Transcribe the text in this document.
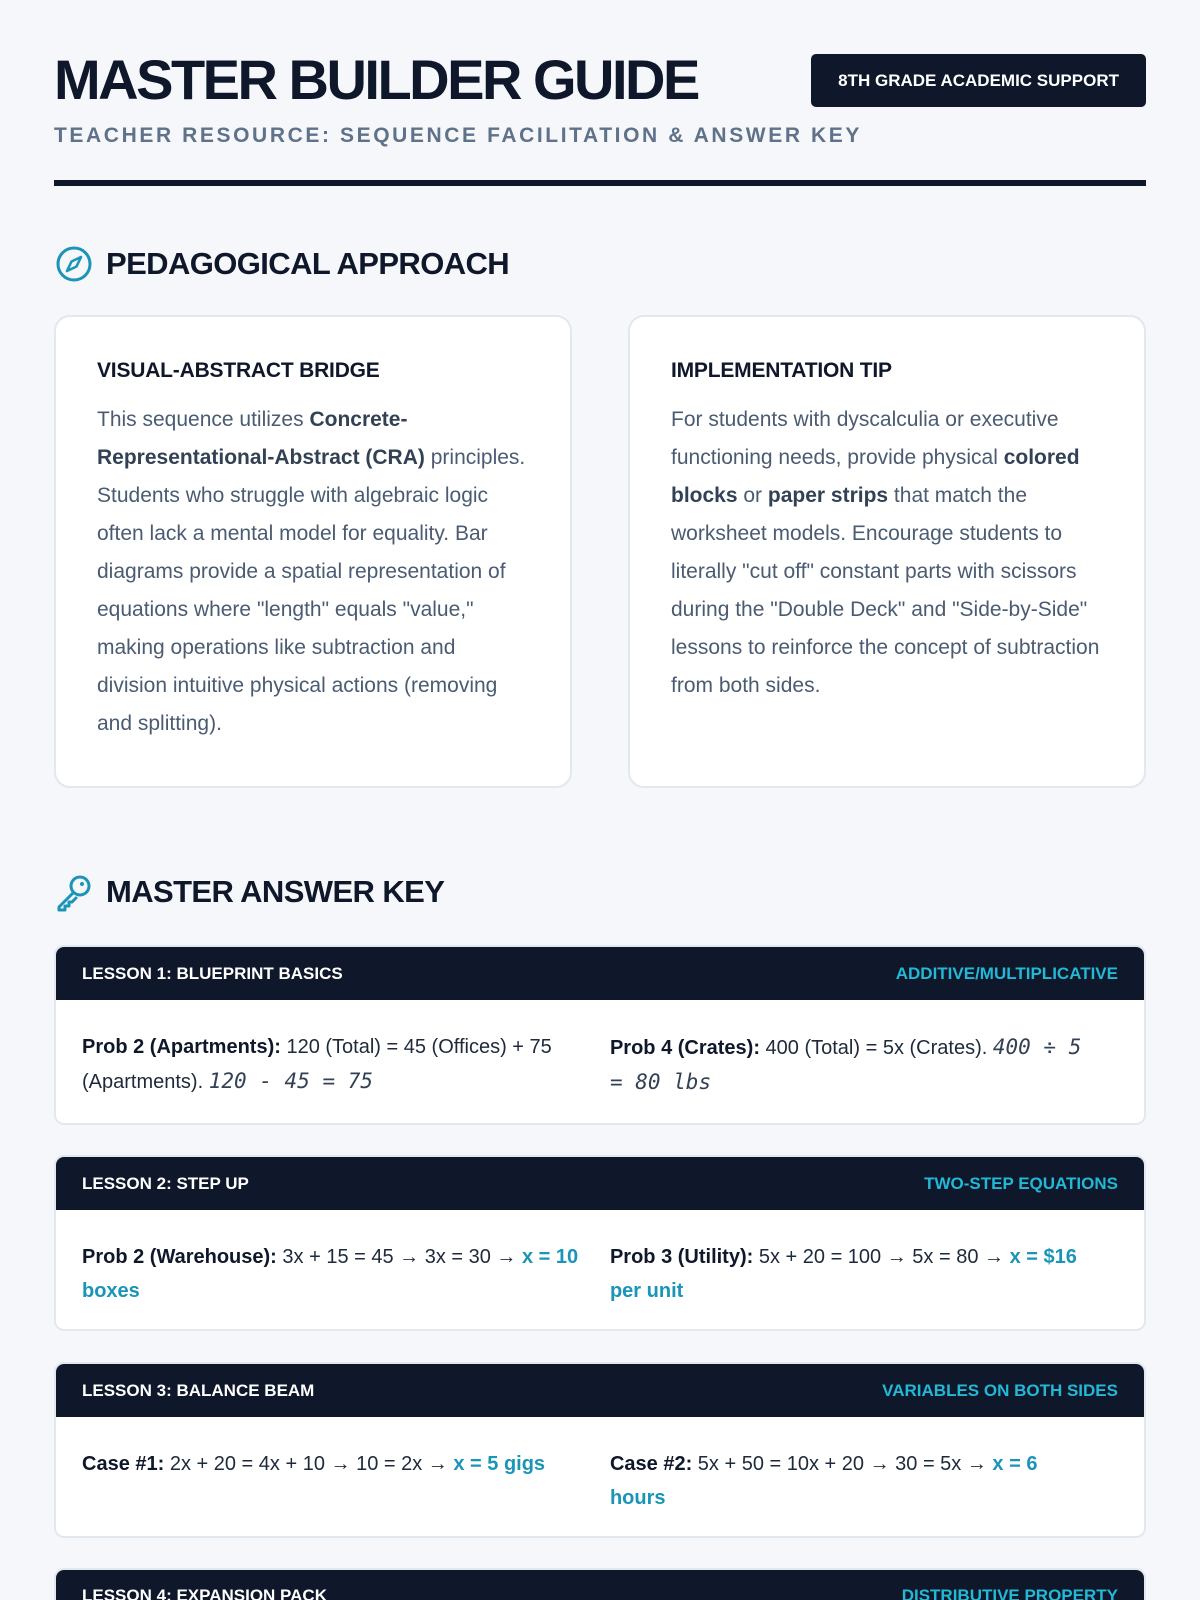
MASTER BUILDER GUIDE
TEACHER RESOURCE: SEQUENCE FACILITATION & ANSWER KEY
8TH GRADE ACADEMIC SUPPORT
PEDAGOGICAL APPROACH
VISUAL-ABSTRACT BRIDGE

This sequence utilizes Concrete-Representational-Abstract (CRA) principles. Students who struggle with algebraic logic often lack a mental model for equality. Bar diagrams provide a spatial representation of equations where "length" equals "value," making operations like subtraction and division intuitive physical actions (removing and splitting).

IMPLEMENTATION TIP

For students with dyscalculia or executive functioning needs, provide physical colored blocks or paper strips that match the worksheet models. Encourage students to literally "cut off" constant parts with scissors during the "Double Deck" and "Side-by-Side" lessons to reinforce the concept of subtraction from both sides.

MASTER ANSWER KEY
LESSON 1: BLUEPRINT BASICS	ADDITIVE/MULTIPLICATIVE
Prob 2 (Apartments): 120 (Total) = 45 (Offices) + 75 (Apartments). 120 - 45 = 75
Prob 4 (Crates): 400 (Total) = 5x (Crates). 400 ÷ 5 = 80 lbs
LESSON 2: STEP UP	TWO-STEP EQUATIONS
Prob 2 (Warehouse): 3x + 15 = 45 → 3x = 30 → x = 10 boxes
Prob 3 (Utility): 5x + 20 = 100 → 5x = 80 → x = $16 per unit
LESSON 3: BALANCE BEAM	VARIABLES ON BOTH SIDES
Case #1: 2x + 20 = 4x + 10 → 10 = 2x → x = 5 gigs	Case #2: 5x + 50 = 10x + 20 → 30 = 5x → x = 6 hours
LESSON 4: EXPANSION PACK	DISTRIBUTIVE PROPERTY
